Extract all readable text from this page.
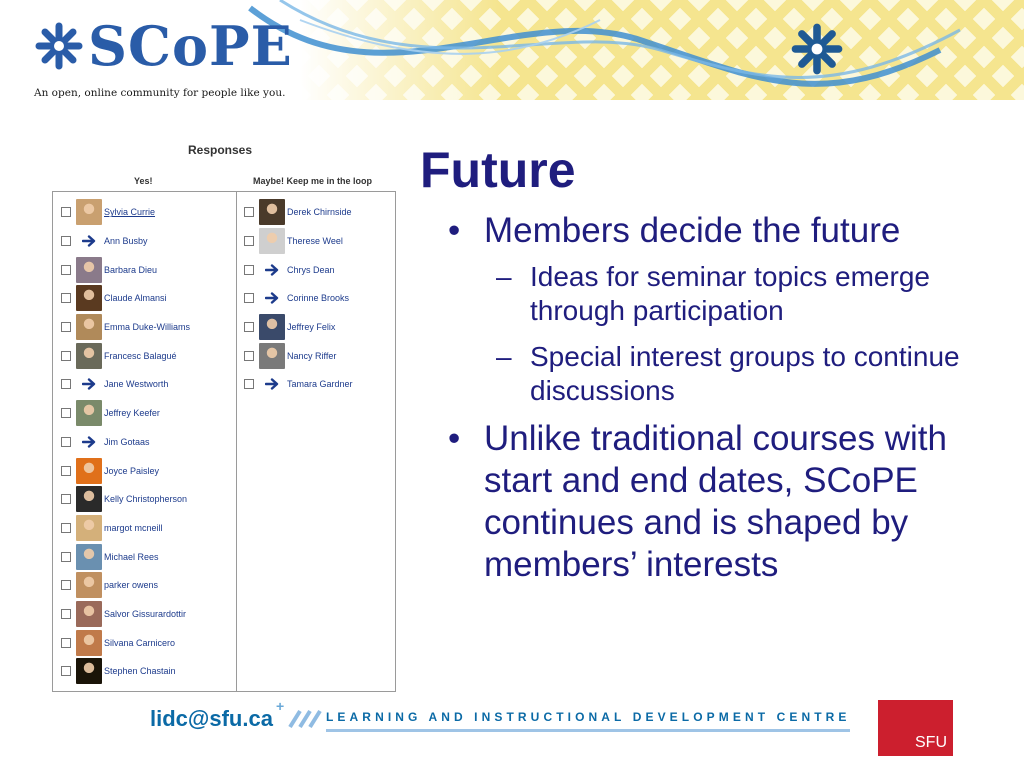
SCoPE
An open, online community for people like you.
Responses
Yes!	Maybe! Keep me in the loop
Sylvia Currie
Ann Busby
Barbara Dieu
Claude Almansi
Emma Duke-Williams
Francesc Balagué
Jane Westworth
Jeffrey Keefer
Jim Gotaas
Joyce Paisley
Kelly Christopherson
margot mcneill
Michael Rees
parker owens
Salvor Gissurardottir
Silvana Carnicero
Stephen Chastain
Derek Chirnside
Therese Weel
Chrys Dean
Corinne Brooks
Jeffrey Felix
Nancy Riffer
Tamara Gardner
Future
• Members decide the future
– Ideas for seminar topics emerge through participation
– Special interest groups to continue discussions
• Unlike traditional courses with start and end dates, SCoPE continues and is shaped by members’ interests
lidc@sfu.ca +
LEARNING AND INSTRUCTIONAL DEVELOPMENT CENTRE
SFU
